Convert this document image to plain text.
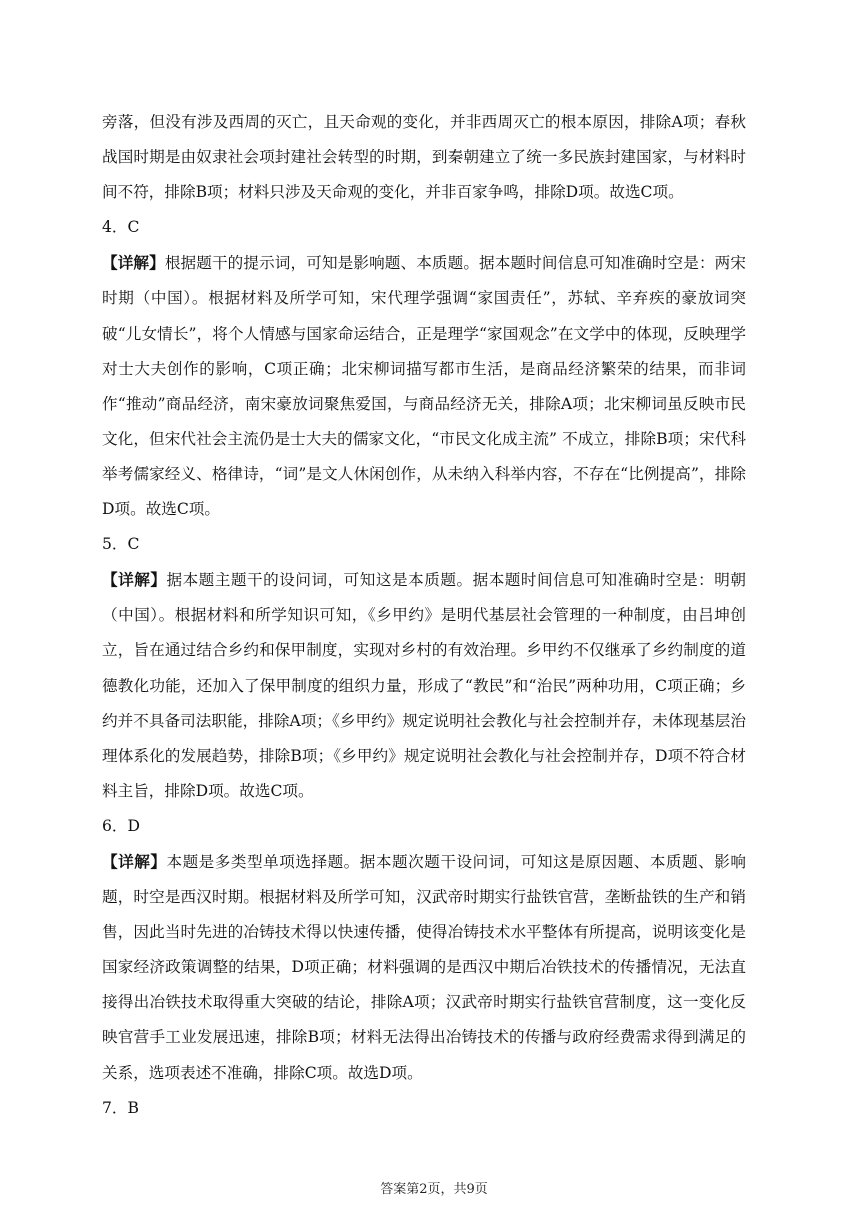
旁落，但没有涉及西周的灭亡，且天命观的变化，并非西周灭亡的根本原因，排除A项；春秋战国时期是由奴隶社会项封建社会转型的时期，到秦朝建立了统一多民族封建国家，与材料时间不符，排除B项；材料只涉及天命观的变化，并非百家争鸣，排除D项。故选C项。

4．C

【详解】根据题干的提示词，可知是影响题、本质题。据本题时间信息可知准确时空是：两宋时期（中国）。根据材料及所学可知，宋代理学强调“家国责任”，苏轼、辛弃疾的豪放词突破“儿女情长”，将个人情感与国家命运结合，正是理学“家国观念”在文学中的体现，反映理学对士大夫创作的影响，C项正确；北宋柳词描写都市生活，是商品经济繁荣的结果，而非词作“推动”商品经济，南宋豪放词聚焦爱国，与商品经济无关，排除A项；北宋柳词虽反映市民文化，但宋代社会主流仍是士大夫的儒家文化，“市民文化成主流” 不成立，排除B项；宋代科举考儒家经义、格律诗，“词”是文人休闲创作，从未纳入科举内容，不存在“比例提高”，排除D项。故选C项。

5．C

【详解】据本题主题干的设问词，可知这是本质题。据本题时间信息可知准确时空是：明朝（中国）。根据材料和所学知识可知，《乡甲约》是明代基层社会管理的一种制度，由吕坤创立，旨在通过结合乡约和保甲制度，实现对乡村的有效治理。乡甲约不仅继承了乡约制度的道德教化功能，还加入了保甲制度的组织力量，形成了“教民”和“治民”两种功用，C项正确；乡约并不具备司法职能，排除A项；《乡甲约》规定说明社会教化与社会控制并存，未体现基层治理体系化的发展趋势，排除B项；《乡甲约》规定说明社会教化与社会控制并存，D项不符合材料主旨，排除D项。故选C项。

6．D

【详解】本题是多类型单项选择题。据本题次题干设问词，可知这是原因题、本质题、影响题，时空是西汉时期。根据材料及所学可知，汉武帝时期实行盐铁官营，垄断盐铁的生产和销售，因此当时先进的冶铸技术得以快速传播，使得冶铸技术水平整体有所提高，说明该变化是国家经济政策调整的结果，D项正确；材料强调的是西汉中期后冶铁技术的传播情况，无法直接得出冶铁技术取得重大突破的结论，排除A项；汉武帝时期实行盐铁官营制度，这一变化反映官营手工业发展迅速，排除B项；材料无法得出冶铸技术的传播与政府经费需求得到满足的关系，选项表述不准确，排除C项。故选D项。

7．B

答案第2页，共9页
